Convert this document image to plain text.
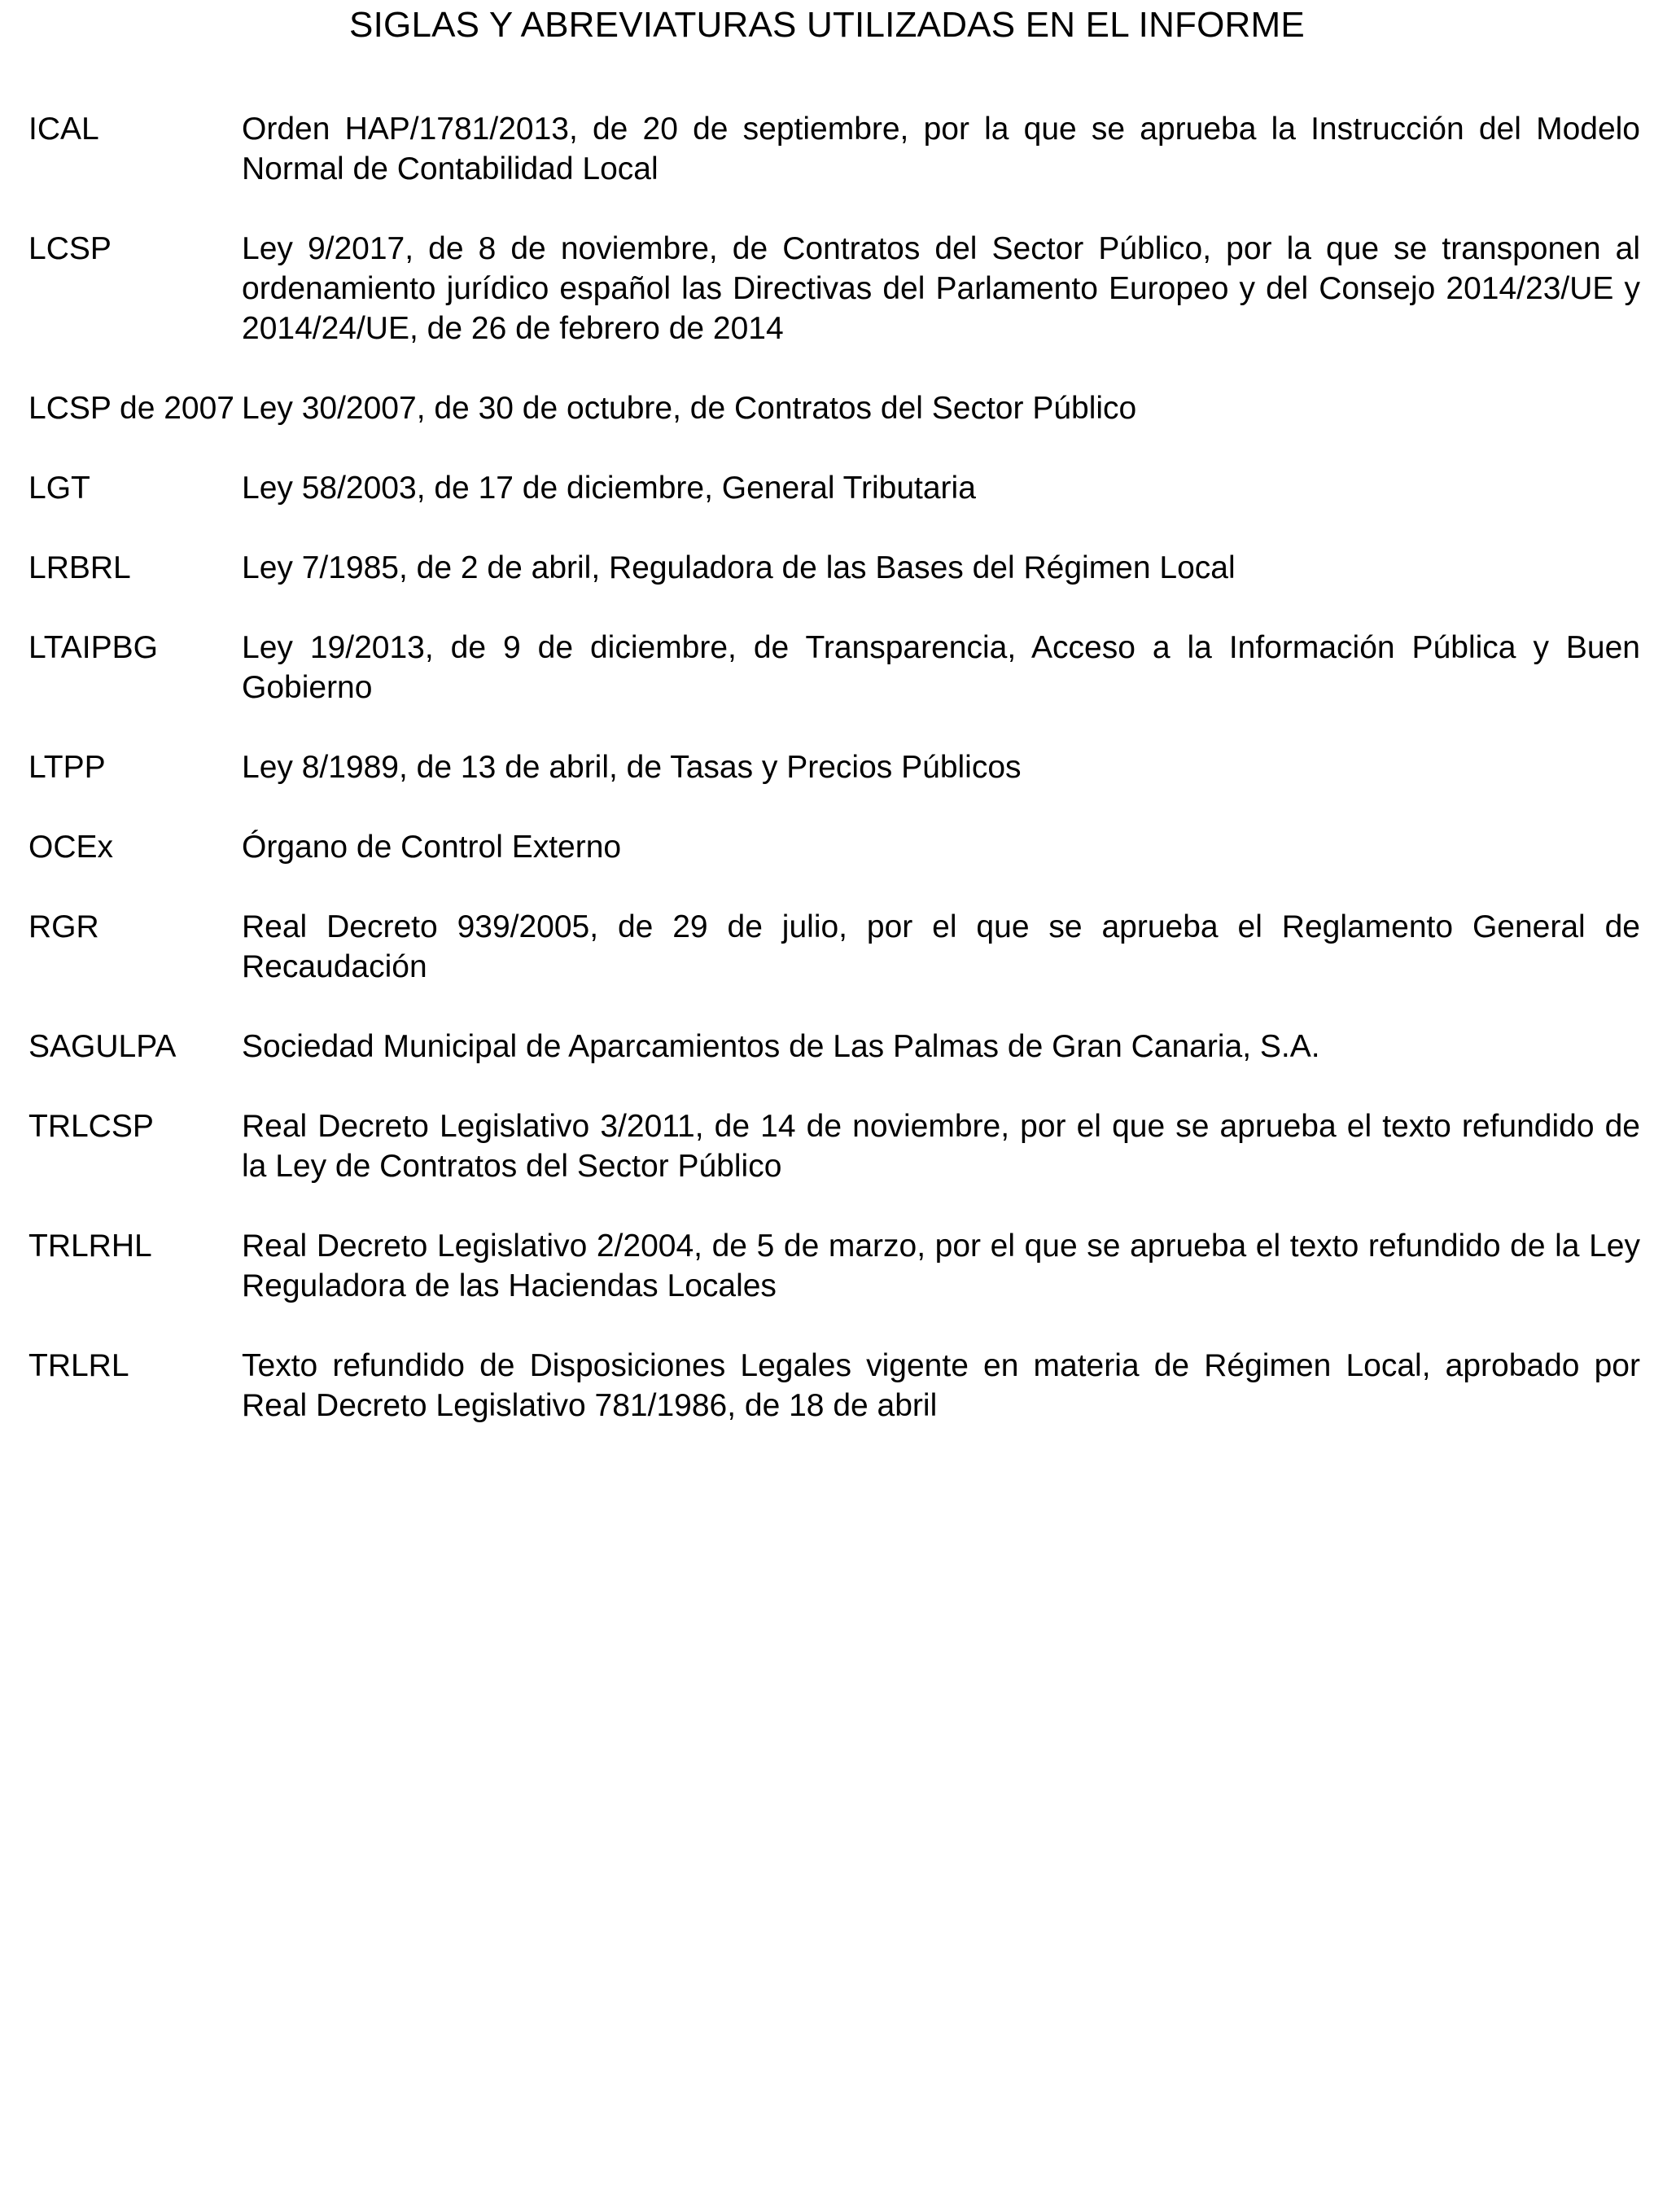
SIGLAS Y ABREVIATURAS UTILIZADAS EN EL INFORME
ICAL	Orden HAP/1781/2013, de 20 de septiembre, por la que se aprueba la Instrucción del Modelo Normal de Contabilidad Local
LCSP	Ley 9/2017, de 8 de noviembre, de Contratos del Sector Público, por la que se transponen al ordenamiento jurídico español las Directivas del Parlamento Europeo y del Consejo 2014/23/UE y 2014/24/UE, de 26 de febrero de 2014
LCSP de 2007 Ley 30/2007, de 30 de octubre, de Contratos del Sector Público
LGT	Ley 58/2003, de 17 de diciembre, General Tributaria
LRBRL	Ley 7/1985, de 2 de abril, Reguladora de las Bases del Régimen Local
LTAIPBG	Ley 19/2013, de 9 de diciembre, de Transparencia, Acceso a la Información Pública y Buen Gobierno
LTPP	Ley 8/1989, de 13 de abril, de Tasas y Precios Públicos
OCEx	Órgano de Control Externo
RGR	Real Decreto 939/2005, de 29 de julio, por el que se aprueba el Reglamento General de Recaudación
SAGULPA	Sociedad Municipal de Aparcamientos de Las Palmas de Gran Canaria, S.A.
TRLCSP	Real Decreto Legislativo 3/2011, de 14 de noviembre, por el que se aprueba el texto refundido de la Ley de Contratos del Sector Público
TRLRHL	Real Decreto Legislativo 2/2004, de 5 de marzo, por el que se aprueba el texto refundido de la Ley Reguladora de las Haciendas Locales
TRLRL	Texto refundido de Disposiciones Legales vigente en materia de Régimen Local, aprobado por Real Decreto Legislativo 781/1986, de 18 de abril
